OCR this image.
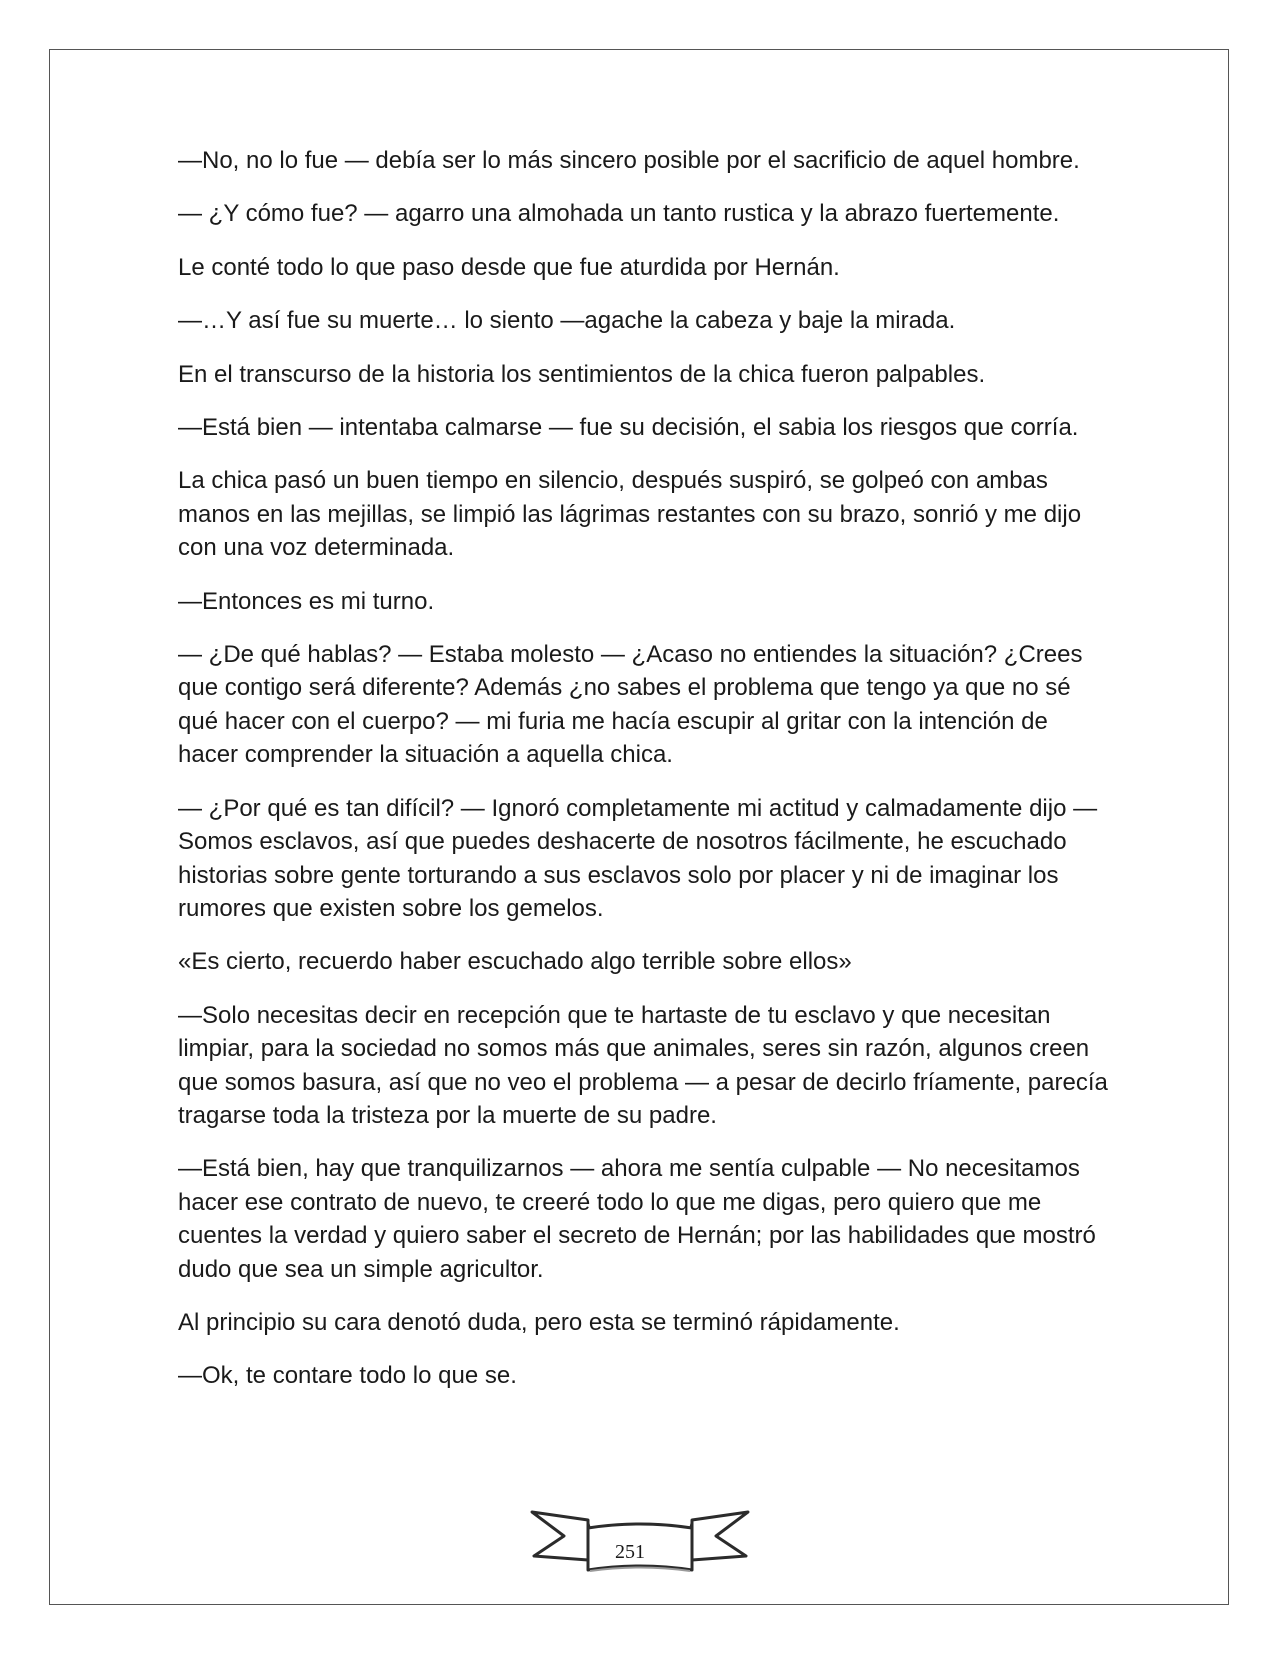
—No, no lo fue — debía ser lo más sincero posible por el sacrificio de aquel hombre.

— ¿Y cómo fue? — agarro una almohada un tanto rustica y la abrazo fuertemente.

Le conté todo lo que paso desde que fue aturdida por Hernán.

—…Y así fue su muerte… lo siento —agache la cabeza y baje la mirada.

En el transcurso de la historia los sentimientos de la chica fueron palpables.

—Está bien — intentaba calmarse — fue su decisión, el sabia los riesgos que corría.

La chica pasó un buen tiempo en silencio, después suspiró, se golpeó con ambas manos en las mejillas, se limpió las lágrimas restantes con su brazo, sonrió y me dijo con una voz determinada.

—Entonces es mi turno.

— ¿De qué hablas? — Estaba molesto — ¿Acaso no entiendes la situación? ¿Crees que contigo será diferente? Además ¿no sabes el problema que tengo ya que no sé qué hacer con el cuerpo? — mi furia me hacía escupir al gritar con la intención de hacer comprender la situación a aquella chica.

— ¿Por qué es tan difícil? — Ignoró completamente mi actitud y calmadamente dijo — Somos esclavos, así que puedes deshacerte de nosotros fácilmente, he escuchado historias sobre gente torturando a sus esclavos solo por placer y ni de imaginar los rumores que existen sobre los gemelos.

«Es cierto, recuerdo haber escuchado algo terrible sobre ellos»

—Solo necesitas decir en recepción que te hartaste de tu esclavo y que necesitan limpiar, para la sociedad no somos más que animales, seres sin razón, algunos creen que somos basura, así que no veo el problema — a pesar de decirlo fríamente, parecía tragarse toda la tristeza por la muerte de su padre.

—Está bien, hay que tranquilizarnos — ahora me sentía culpable — No necesitamos hacer ese contrato de nuevo, te creeré todo lo que me digas, pero quiero que me cuentes la verdad y quiero saber el secreto de Hernán; por las habilidades que mostró dudo que sea un simple agricultor.

Al principio su cara denotó duda, pero esta se terminó rápidamente.

—Ok, te contare todo lo que se.

251
